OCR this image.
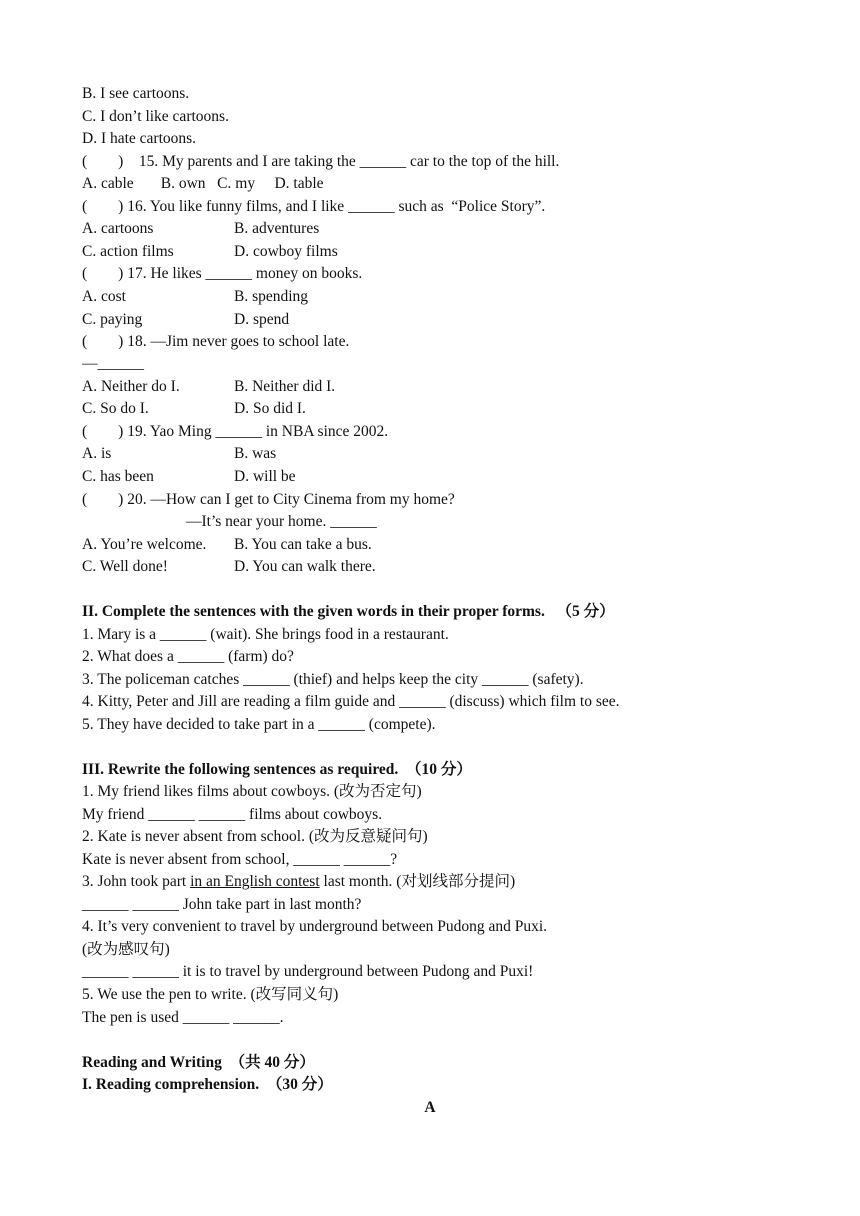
B. I see cartoons.
C. I don’t like cartoons.
D. I hate cartoons.
(        )    15. My parents and I are taking the ______ car to the top of the hill.
A. cable       B. own   C. my     D. table
(        ) 16. You like funny films, and I like ______ such as  “Police Story”.
A. cartoons	B. adventures
C. action films	D. cowboy films
(        ) 17. He likes ______ money on books.
A. cost	B. spending
C. paying	D. spend
(        ) 18. —Jim never goes to school late.
—______
A. Neither do I.	B. Neither did I.
C. So do I.	D. So did I.
(        ) 19. Yao Ming ______ in NBA since 2002.
A. is	B. was
C. has been	D. will be
(        ) 20. —How can I get to City Cinema from my home?
—It’s near your home. ______
A. You’re welcome. B. You can take a bus.
C. Well done!	D. You can walk there.
II. Complete the sentences with the given words in their proper forms.   （5 分）
1. Mary is a ______ (wait). She brings food in a restaurant.
2. What does a ______ (farm) do?
3. The policeman catches ______ (thief) and helps keep the city ______ (safety).
4. Kitty, Peter and Jill are reading a film guide and ______ (discuss) which film to see.
5. They have decided to take part in a ______ (compete).
III. Rewrite the following sentences as required.  （10 分）
1. My friend likes films about cowboys. (改为否定句)
My friend ______ ______ films about cowboys.
2. Kate is never absent from school. (改为反意疑问句)
Kate is never absent from school, ______ ______?
3. John took part in an English contest last month. (对划线部分提问)
______ ______ John take part in last month?
4. It’s very convenient to travel by underground between Pudong and Puxi.
(改为感叹句)
______ ______ it is to travel by underground between Pudong and Puxi!
5. We use the pen to write. (改写同义句)
The pen is used ______ ______.
Reading and Writing  （共 40 分）
I. Reading comprehension.  （30 分）
A
